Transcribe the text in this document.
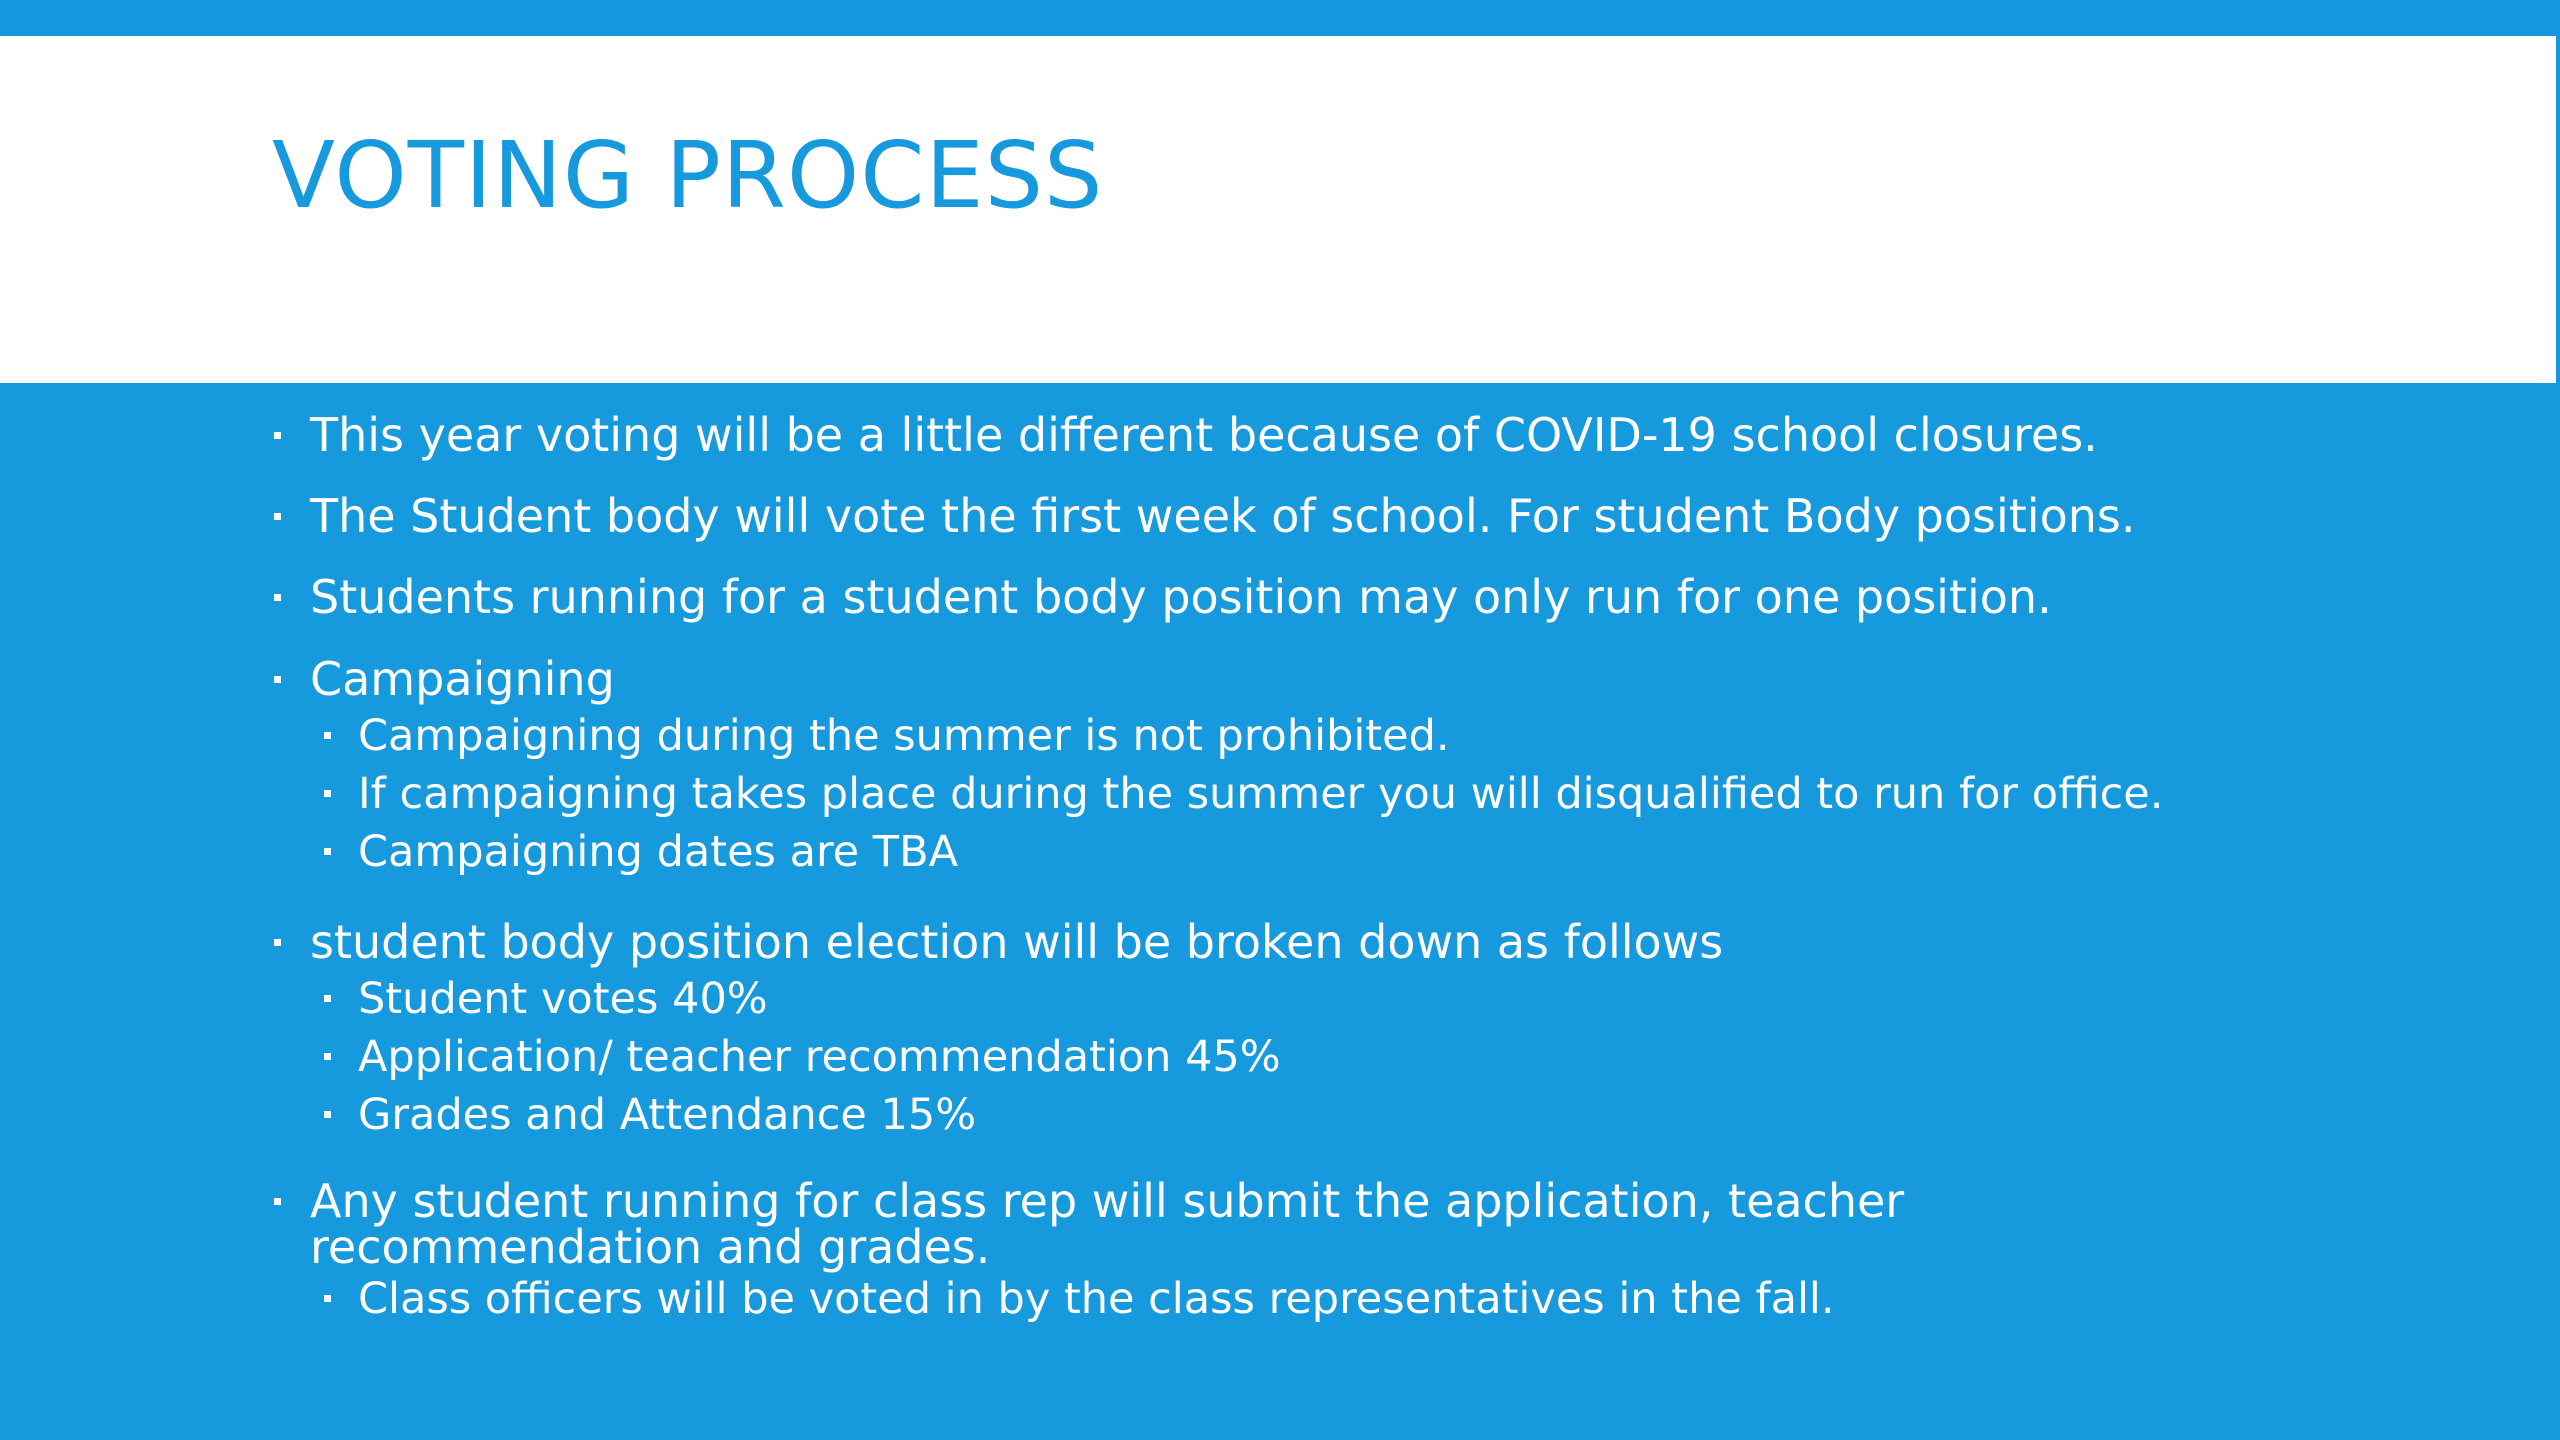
VOTING PROCESS
This year voting will be a little different because of COVID-19 school closures.
The Student body will vote the first week of school. For student Body positions.
Students running for a student body position may only run for one position.
Campaigning
Campaigning during the summer is not prohibited.
If campaigning takes place during the summer you will disqualified to run for office.
Campaigning dates are TBA
student body position election will be broken down as follows
Student votes 40%
Application/ teacher recommendation 45%
Grades and Attendance 15%
Any student running for class rep will submit the application, teacher recommendation and grades.
Class officers will be voted in by the class representatives in the fall.
